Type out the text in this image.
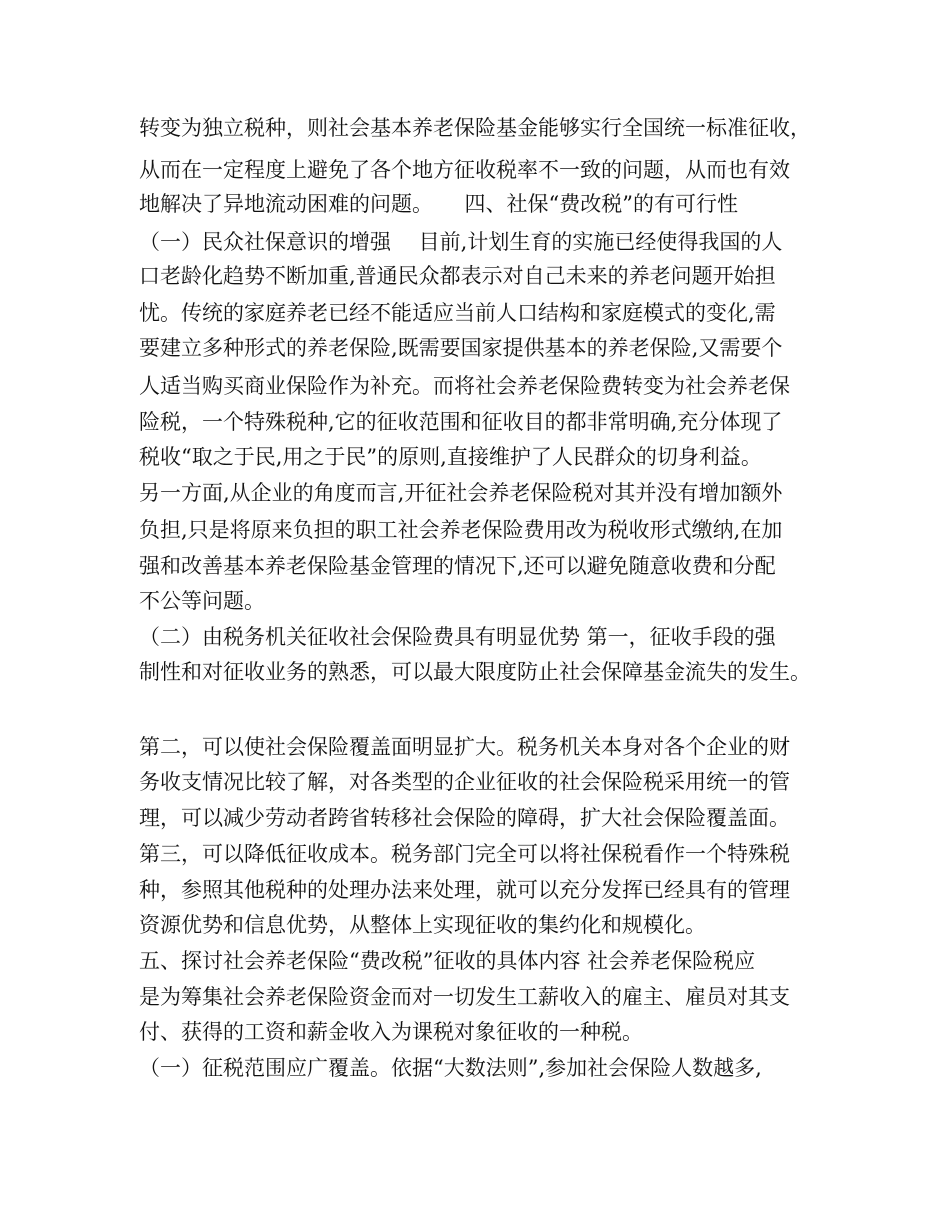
转变为独立税种，则社会基本养老保险基金能够实行全国统一标准征收，
从而在一定程度上避免了各个地方征收税率不一致的问题，从而也有效
地解决了异地流动困难的问题。　　四、社保“费改税”的有可行性
（一）民众社保意识的增强　 目前,计划生育的实施已经使得我国的人
口老龄化趋势不断加重,普通民众都表示对自己未来的养老问题开始担
忧。传统的家庭养老已经不能适应当前人口结构和家庭模式的变化,需
要建立多种形式的养老保险,既需要国家提供基本的养老保险,又需要个
人适当购买商业保险作为补充。而将社会养老保险费转变为社会养老保
险税，一个特殊税种,它的征收范围和征收目的都非常明确,充分体现了
税收“取之于民,用之于民”的原则,直接维护了人民群众的切身利益。
另一方面,从企业的角度而言,开征社会养老保险税对其并没有增加额外
负担,只是将原来负担的职工社会养老保险费用改为税收形式缴纳,在加
强和改善基本养老保险基金管理的情况下,还可以避免随意收费和分配
不公等问题。
（二）由税务机关征收社会保险费具有明显优势 第一，征收手段的强
制性和对征收业务的熟悉，可以最大限度防止社会保障基金流失的发生。
第二，可以使社会保险覆盖面明显扩大。税务机关本身对各个企业的财
务收支情况比较了解，对各类型的企业征收的社会保险税采用统一的管
理，可以减少劳动者跨省转移社会保险的障碍，扩大社会保险覆盖面。
第三，可以降低征收成本。税务部门完全可以将社保税看作一个特殊税
种，参照其他税种的处理办法来处理，就可以充分发挥已经具有的管理
资源优势和信息优势，从整体上实现征收的集约化和规模化。
五、探讨社会养老保险“费改税”征收的具体内容 社会养老保险税应
是为筹集社会养老保险资金而对一切发生工薪收入的雇主、雇员对其支
付、获得的工资和薪金收入为课税对象征收的一种税。
（一）征税范围应广覆盖。依据“大数法则”,参加社会保险人数越多,
